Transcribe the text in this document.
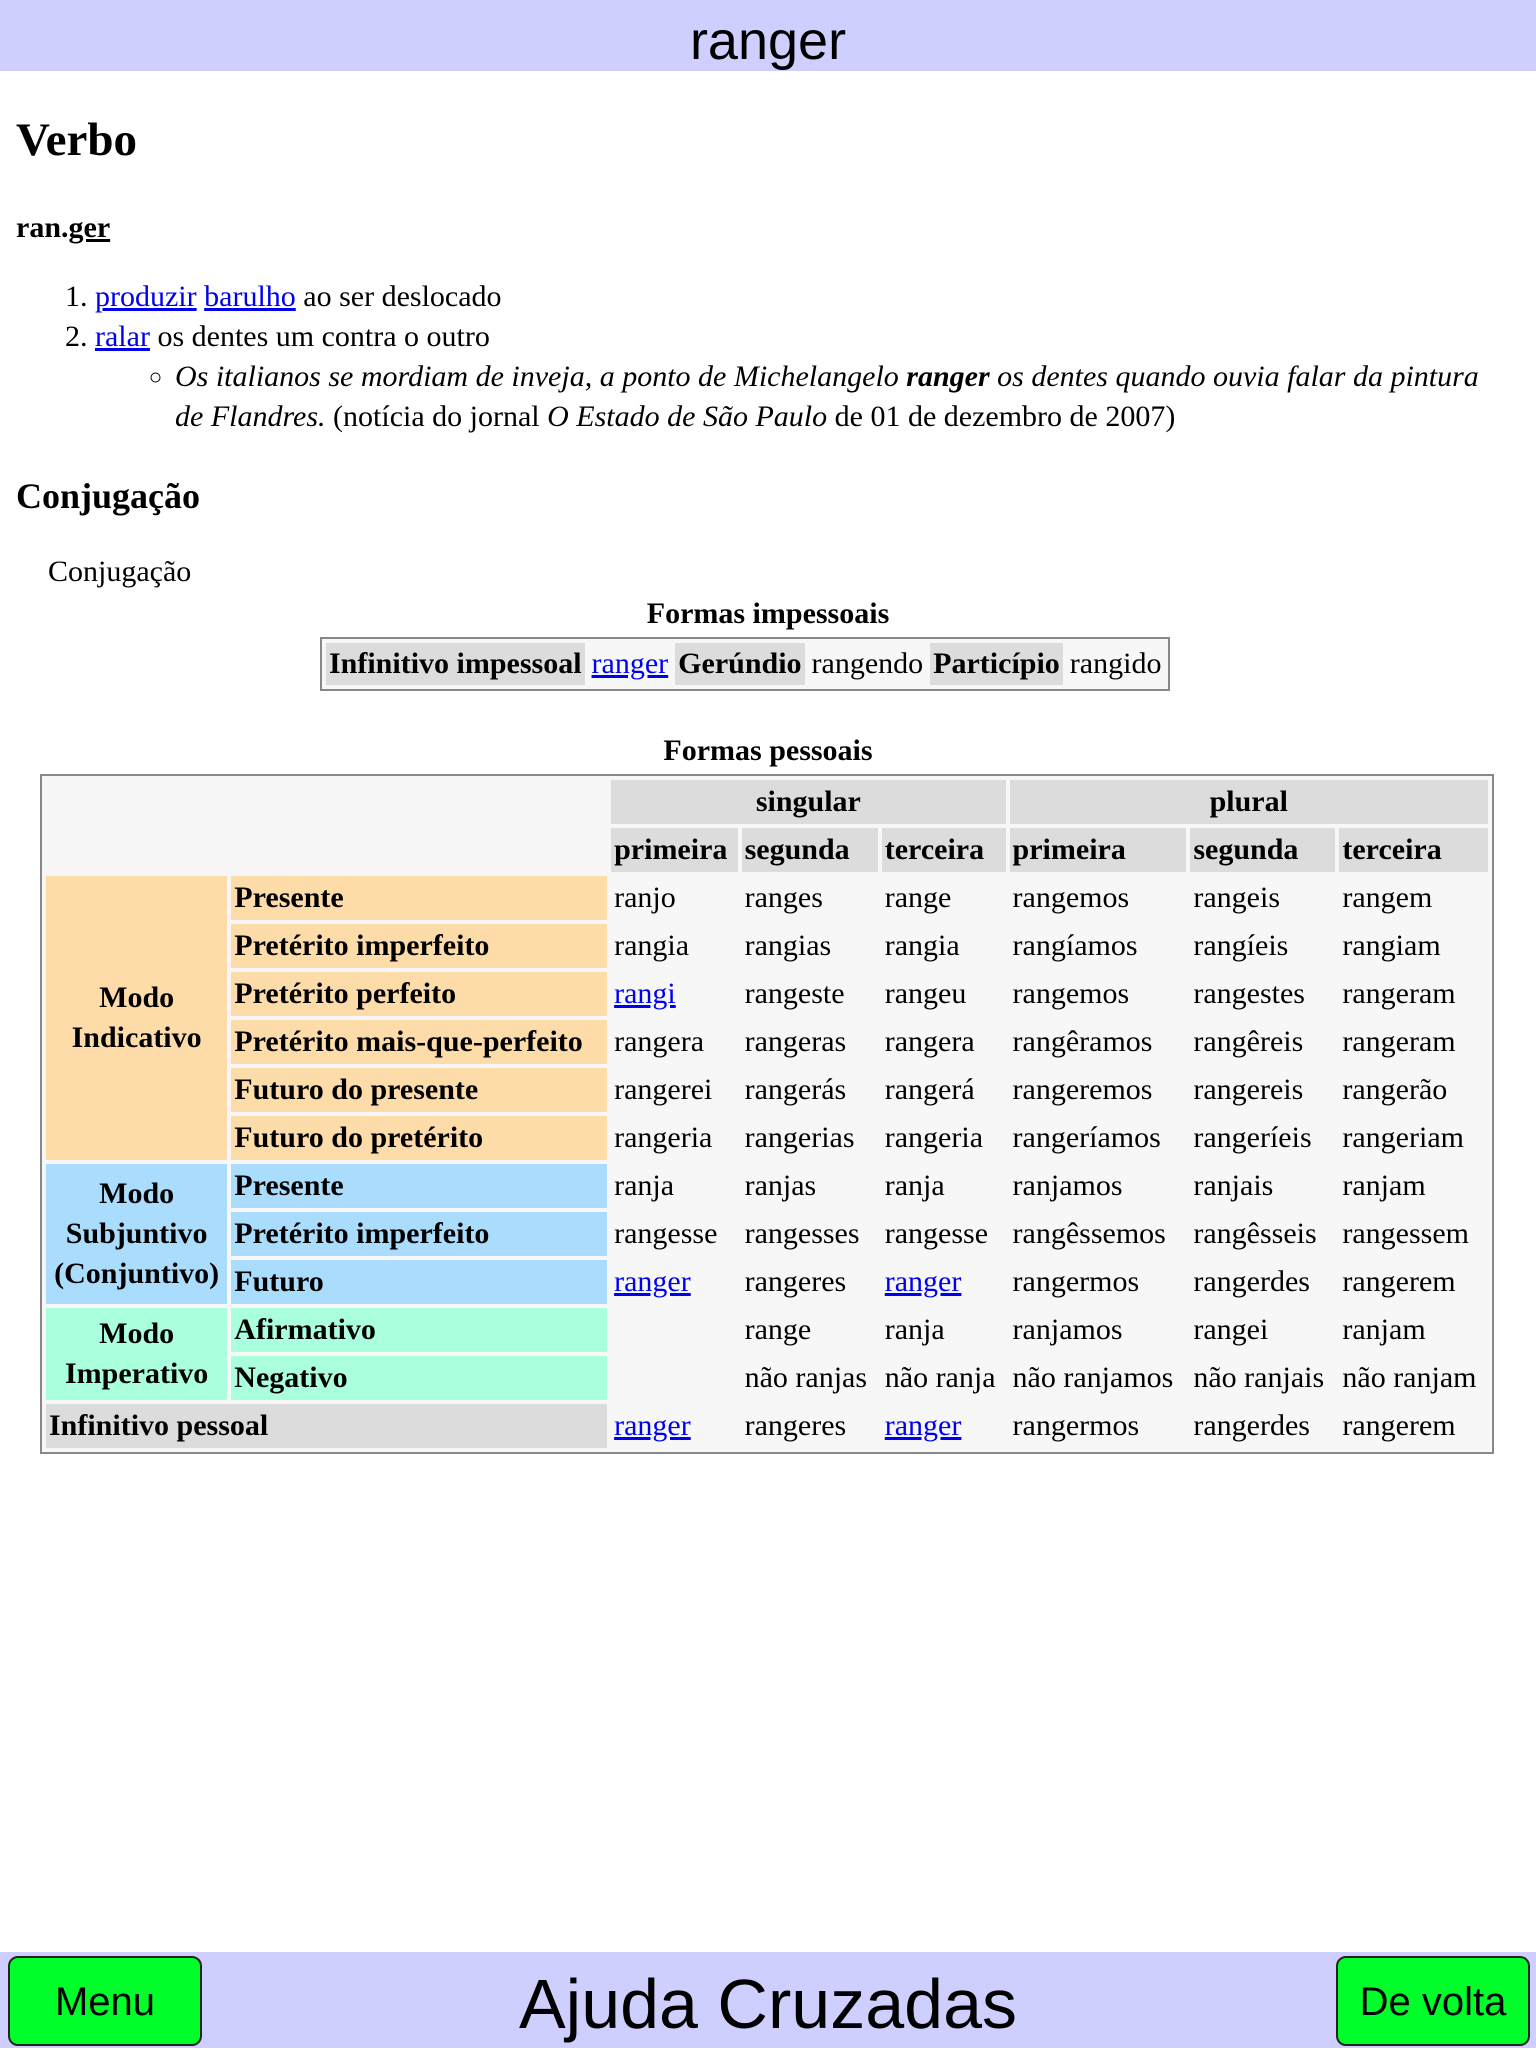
ranger
Verbo
ran.ger
1. produzir barulho ao ser deslocado
2. ralar os dentes um contra o outro
◦ Os italianos se mordiam de inveja, a ponto de Michelangelo ranger os dentes quando ouvia falar da pintura de Flandres. (notícia do jornal O Estado de São Paulo de 01 de dezembro de 2007)
Conjugação
Conjugação
Formas impessoais
Infinitivo impessoal	ranger	Gerúndio	rangendo	Particípio	rangido
Formas pessoais
		singular			plural		
		primeira	segunda	terceira	primeira	segunda	terceira
Modo
Indicativo	Presente	ranjo	ranges	range	rangemos	rangeis	rangem
	Pretérito imperfeito	rangia	rangias	rangia	rangíamos	rangíeis	rangiam
	Pretérito perfeito	rangi	rangeste	rangeu	rangemos	rangestes	rangeram
	Pretérito mais-que-perfeito	rangera	rangeras	rangera	rangêramos	rangêreis	rangeram
	Futuro do presente	rangerei	rangerás	rangerá	rangeremos	rangereis	rangerão
	Futuro do pretérito	rangeria	rangerias	rangeria	rangeríamos	rangeríeis	rangeriam
Modo
Subjuntivo
(Conjuntivo)	Presente	ranja	ranjas	ranja	ranjamos	ranjais	ranjam
	Pretérito imperfeito	rangesse	rangesses	rangesse	rangêssemos	rangêsseis	rangessem
	Futuro	ranger	rangeres	ranger	rangermos	rangerdes	rangerem
Modo
Imperativo	Afirmativo		range	ranja	ranjamos	rangei	ranjam
	Negativo		não ranjas	não ranja	não ranjamos	não ranjais	não ranjam
Infinitivo pessoal		ranger	rangeres	ranger	rangermos	rangerdes	rangerem
Ajuda Cruzadas
Menu	De volta
